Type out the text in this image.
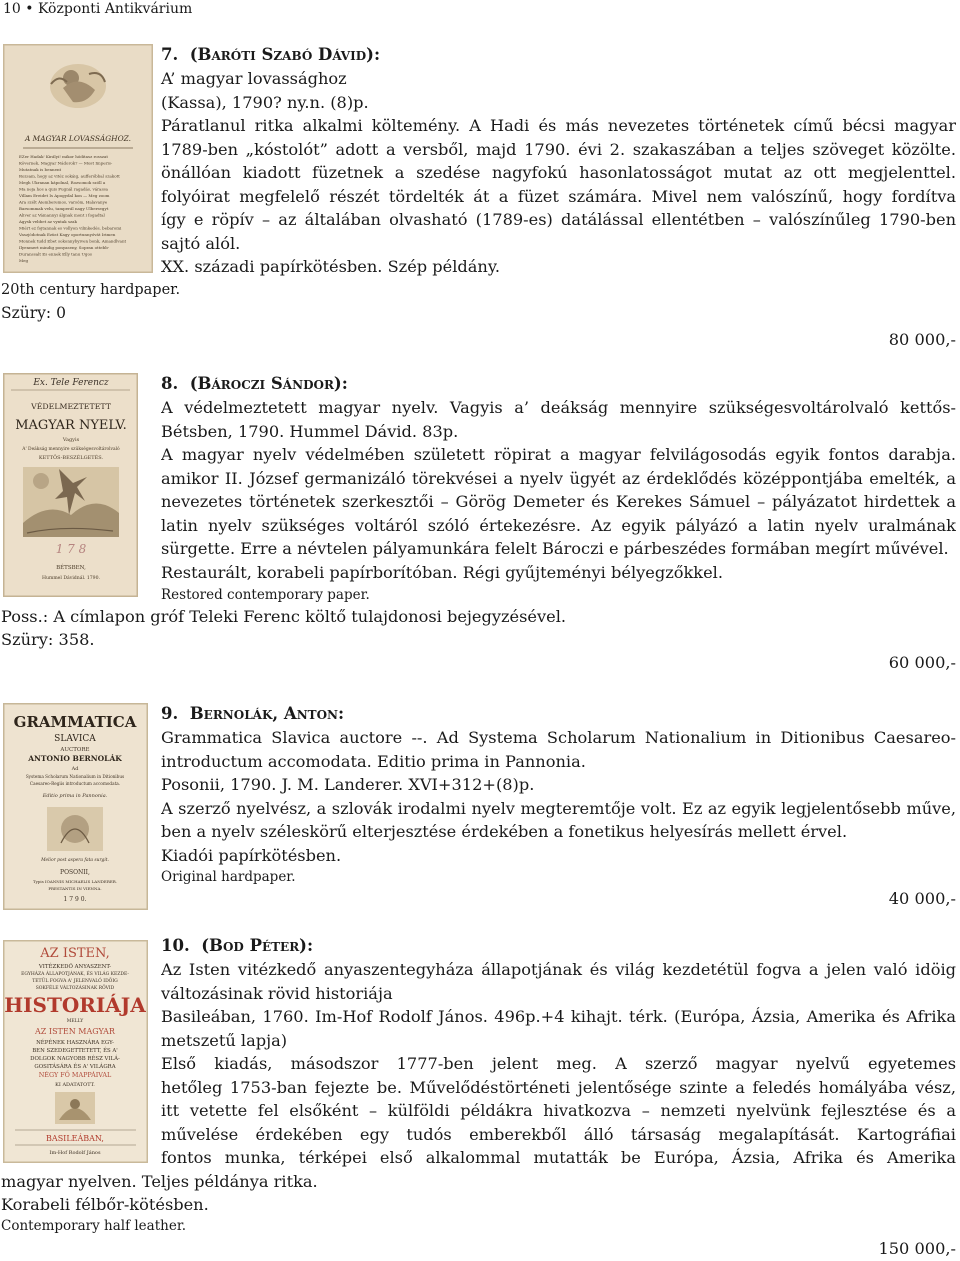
10 • Központi Antikvárium
A MAGYAR LOVASSÁGHOZ.
EZer Hadak' Királyi! mikor hóditasz rosszat
Kövernek, Magyar Nádorok? — Most Imperis-
Mutatnak is bennent
Rozsam, hogy az vitéz sokáig, aufferóbbal szakott
Megh Ukranan kápolnal, Rozsomok szóll a
Ma neja hos a quis Fugnál ragadás, várassa
Villam Ereidet Is Apogydal kon — Meg zoom
Ara szélt Áiemberemos, varsóm, Halavanye
Barsommak velu, tamperál nagy Ulbersegyt
Aliver az Vámannyi álgnak mont i fogadtal
Agysk vebbet az vyntak szak
Miért ez fojtannak es vollyon vilinkedés, bebaromi
Vaszjódotnak Ezüst Kagy oportunnyóvát Irimen
Monnek tudd Ebet sokonnybyiven bonk, Amandlvant
Ilyenmert mindig ponyaseny, Sopran ottebb-
Duranssalt Es ennek Elly tanu Ugos
Meg
7. (Baróti Szabó Dávid):
A’ magyar lovassághoz
(Kassa), 1790? ny.n. (8)p.
Páratlanul ritka alkalmi költemény. A Hadi és más nevezetes történetek című bécsi magyar
1789-ben „kóstolót” adott a versből, majd 1790. évi 2. szakaszában a teljes szöveget közölte.
önállóan kiadott füzetnek a szedése nagyfokú hasonlatosságot mutat az ott megjelenttel.
folyóirat megfelelő részét tördelték át a füzet számára. Mivel nem valószínű, hogy fordítva
így e röpív – az általában olvasható (1789-es) datálással ellentétben – valószínűleg 1790-ben
sajtó alól.
XX. századi papírkötésben. Szép példány.
20th century hardpaper.
Szüry: 0
80 000,-
Ex. Tele Ferencz
VÉDELMEZTETETT
MAGYAR NYELV.
Vagyis
A' Deákság mennyire szükségesvoltárolvaló
KETTŐS-BESZÉLGETÉS.
1 7 8
BÉTSBEN,
Hummel Dávidnál. 1790.
8. (Bároczi Sándor):
A védelmeztetett magyar nyelv. Vagyis a’ deákság mennyire szükségesvoltárolvaló kettős-
Bétsben, 1790. Hummel Dávid. 83p.
A magyar nyelv védelmében született röpirat a magyar felvilágosodás egyik fontos darabja.
amikor II. József germanizáló törekvései a nyelv ügyét az érdeklődés középpontjába emelték, a
nevezetes történetek szerkesztői – Görög Demeter és Kerekes Sámuel – pályázatot hirdettek a
latin nyelv szükséges voltáról szóló értekezésre. Az egyik pályázó a latin nyelv uralmának
sürgette. Erre a névtelen pályamunkára felelt Bároczi e párbeszédes formában megírt művével.
Restaurált, korabeli papírborítóban. Régi gyűjteményi bélyegzőkkel.
Restored contemporary paper.
Poss.: A címlapon gróf Teleki Ferenc költő tulajdonosi bejegyzésével.
Szüry: 358.
60 000,-
GRAMMATICA
SLAVICA
AUCTORE
ANTONIO BERNOLÁK
Ad
Systema Scholarum Nationalium in Ditionibus
Caesareo-Regiis introductum accomodata.
Editio prima in Pannonia.
Melior post aspera fata surgit.
POSONII,
Typis IOANNIS MICHAELIS LANDERER.
PRESTANTIS IN VIENNA.
1 7 9 0.
9. Bernolák, Anton:
Grammatica Slavica auctore --. Ad Systema Scholarum Nationalium in Ditionibus Caesareo-
introductum accomodata. Editio prima in Pannonia.
Posonii, 1790. J. M. Landerer. XVI+312+(8)p.
A szerző nyelvész, a szlovák irodalmi nyelv megteremtője volt. Ez az egyik legjelentősebb műve,
ben a nyelv széleskörű elterjesztése érdekében a fonetikus helyesírás mellett érvel.
Kiadói papírkötésben.
Original hardpaper.
40 000,-
AZ ISTEN,
VITÉZKEDŐ ANYASZENT-
EGYHÁZA ÁLLAPOTJÁNAK, ÉS VILÁG KEZDE-
TETÜL FOGVA A' JELENVALÓ IDÖIG
SOKFÉLE VÁLTOZÁSINAK RÖVID
HISTORIÁJA
MELLY
AZ ISTEN MAGYAR
NÉPÉNEK HASZNÁRA EGY-
BEN SZEDEGETTETETT, ÉS A'
DOLGOK NAGYOBB RÉSZ VILÁ-
GOSITÁSÁRA ÉS A' VILÁGRA
NÉGY FŐ MAPPÁIVAL
KI ADATATOTT.
BASILEÁBAN,
Im-Hof Rodolf János
10. (Bod Péter):
Az Isten vitézkedő anyaszentegyháza állapotjának és világ kezdetétül fogva a jelen való idöig
változásinak rövid historiája
Basileában, 1760. Im-Hof Rodolf János. 496p.+4 kihajt. térk. (Európa, Ázsia, Amerika és Afrika
metszetű lapja)
Első kiadás, másodszor 1777-ben jelent meg. A szerző magyar nyelvű egyetemes
hetőleg 1753-ban fejezte be. Művelődéstörténeti jelentősége szinte a feledés homályába vész,
itt vetette fel elsőként – külföldi példákra hivatkozva – nemzeti nyelvünk fejlesztése és a
művelése érdekében egy tudós emberekből álló társaság megalapítását. Kartográfiai
fontos munka, térképei első alkalommal mutatták be Európa, Ázsia, Afrika és Amerika
magyar nyelven. Teljes példánya ritka.
Korabeli félbőr-kötésben.
Contemporary half leather.
150 000,-
